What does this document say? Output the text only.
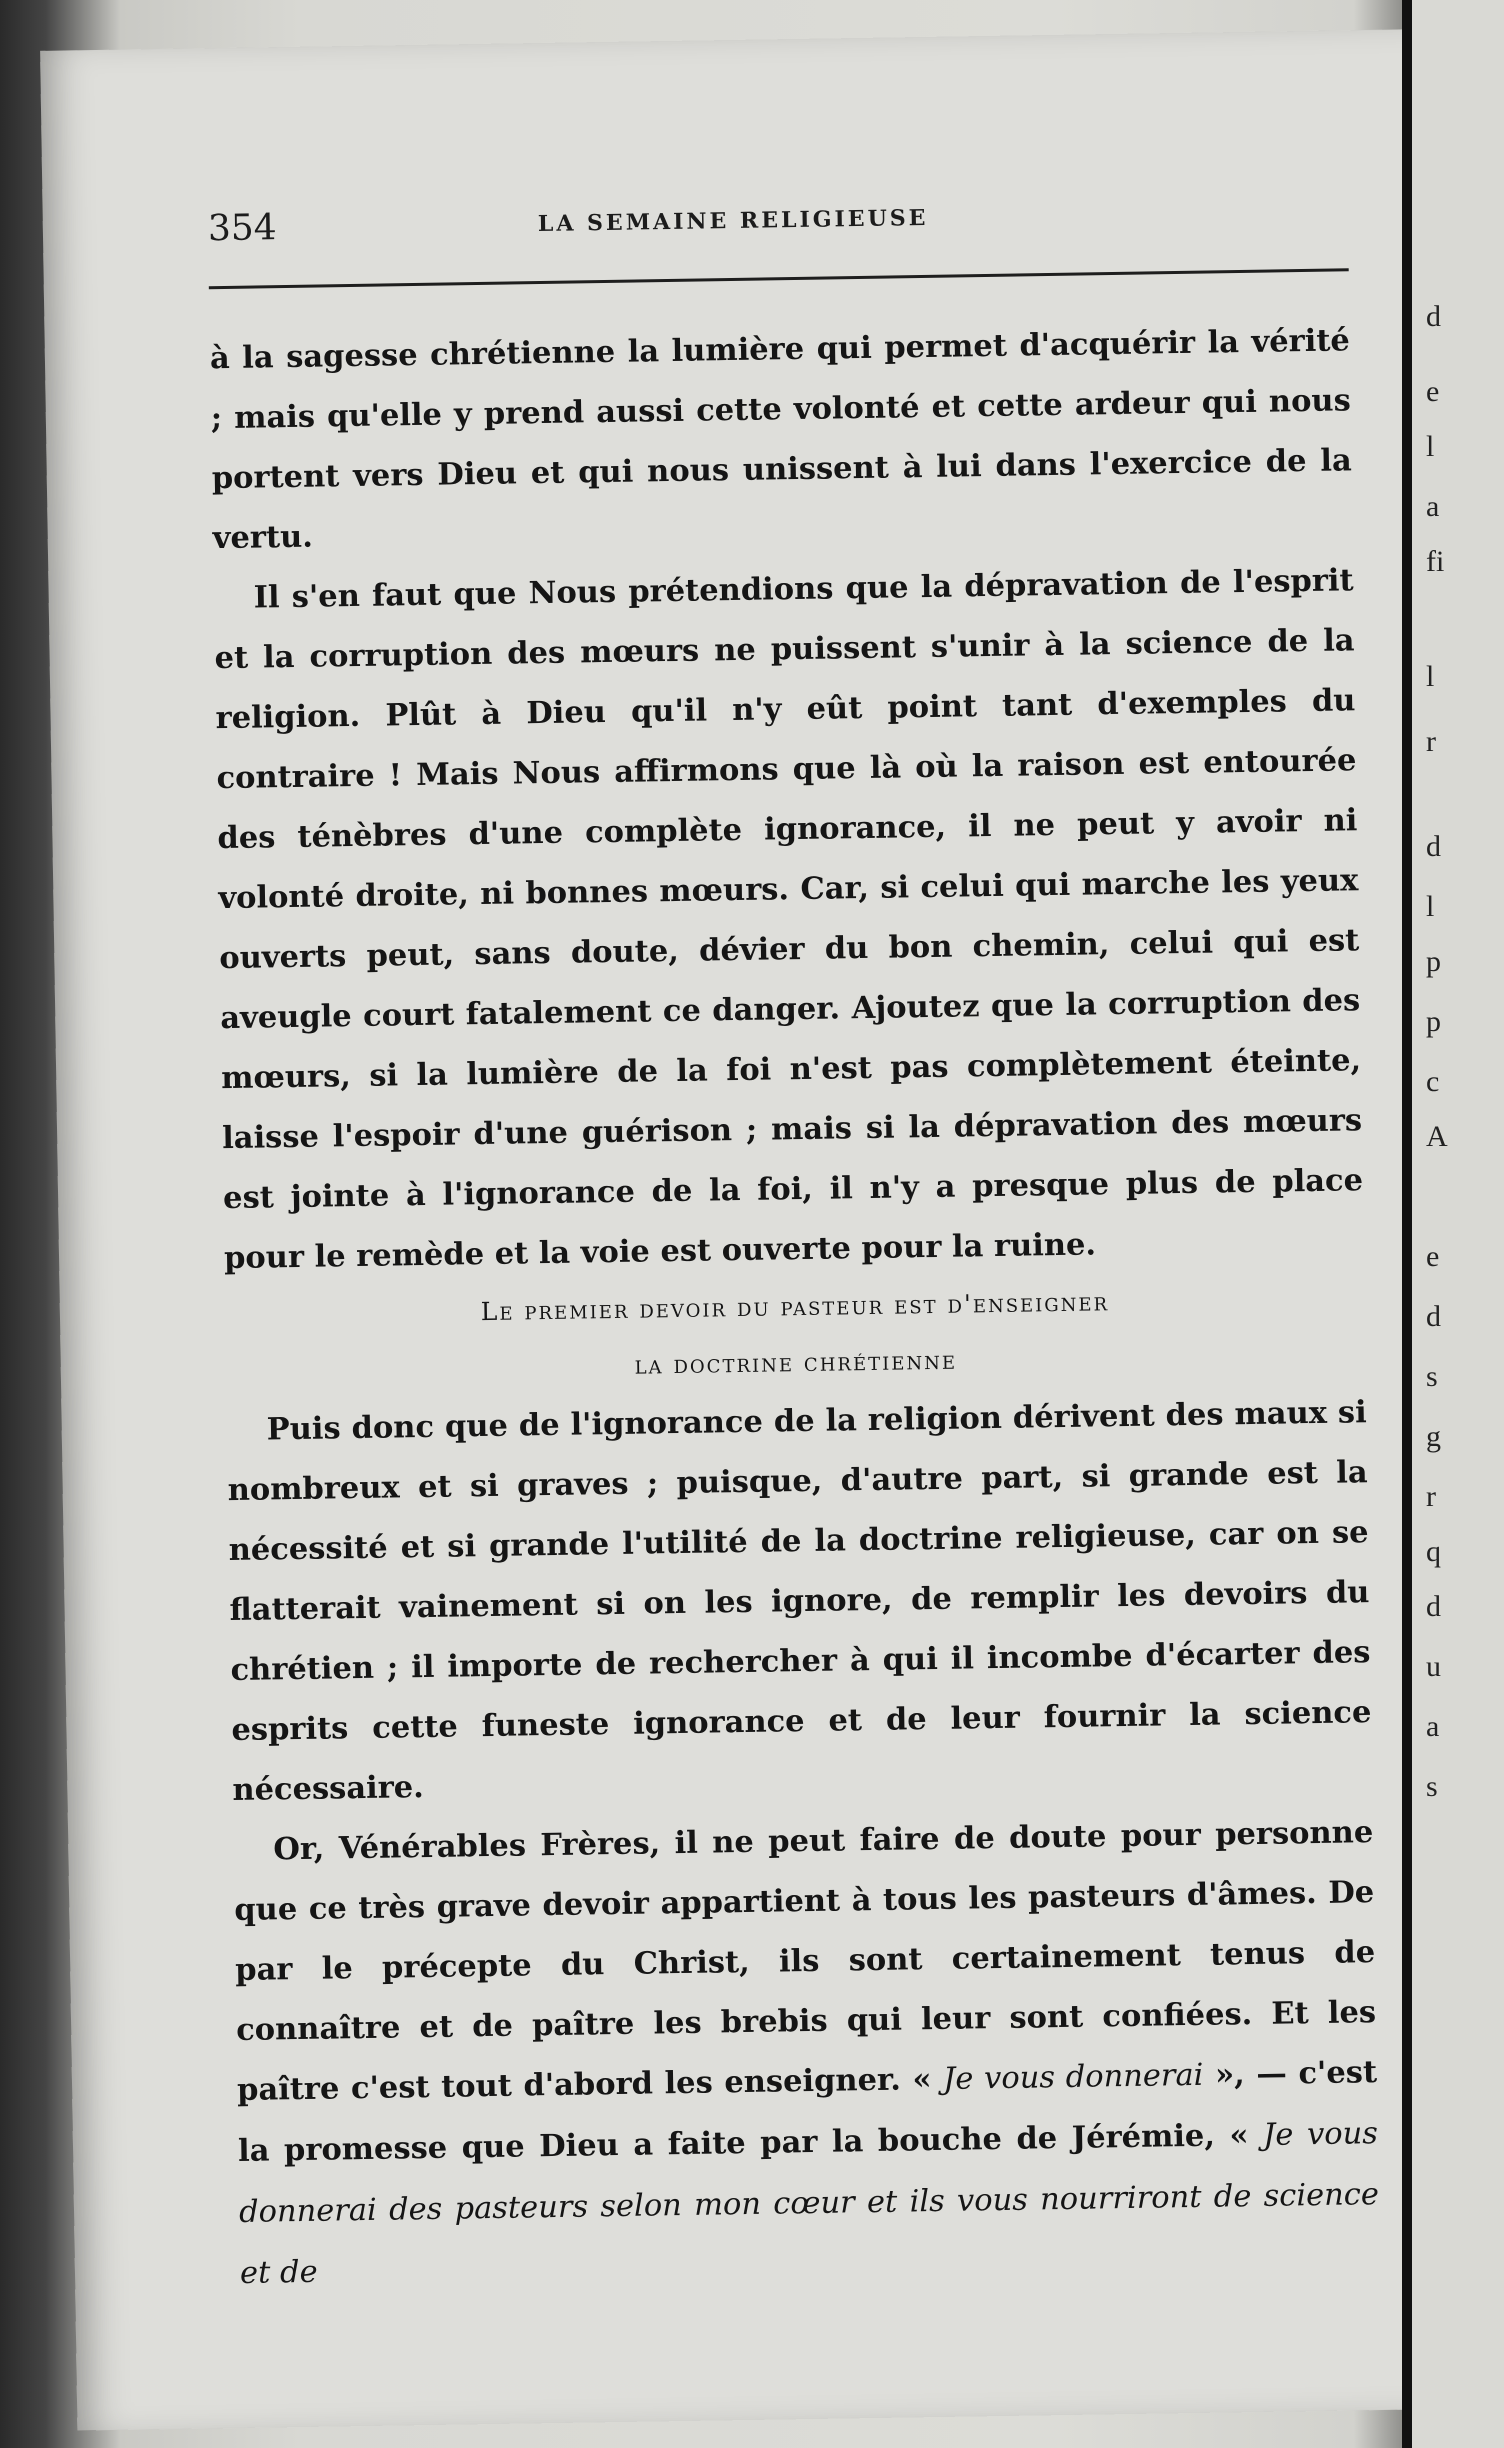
354	LA SEMAINE RELIGIEUSE

à la sagesse chrétienne la lumière qui permet d'acquérir la vérité ; mais qu'elle y prend aussi cette volonté et cette ardeur qui nous portent vers Dieu et qui nous unissent à lui dans l'exercice de la vertu.

Il s'en faut que Nous prétendions que la dépravation de l'esprit et la corruption des mœurs ne puissent s'unir à la science de la religion. Plût à Dieu qu'il n'y eût point tant d'exemples du contraire ! Mais Nous affirmons que là où la raison est entourée des ténèbres d'une complète ignorance, il ne peut y avoir ni volonté droite, ni bonnes mœurs. Car, si celui qui marche les yeux ouverts peut, sans doute, dévier du bon chemin, celui qui est aveugle court fatalement ce danger. Ajoutez que la corruption des mœurs, si la lumière de la foi n'est pas complètement éteinte, laisse l'espoir d'une guérison ; mais si la dépravation des mœurs est jointe à l'ignorance de la foi, il n'y a presque plus de place pour le remède et la voie est ouverte pour la ruine.

Le premier devoir du pasteur est d'enseigner

la doctrine chrétienne

Puis donc que de l'ignorance de la religion dérivent des maux si nombreux et si graves ; puisque, d'autre part, si grande est la nécessité et si grande l'utilité de la doctrine religieuse, car on se flatterait vainement si on les ignore, de remplir les devoirs du chrétien ; il importe de rechercher à qui il incombe d'écarter des esprits cette funeste ignorance et de leur fournir la science nécessaire.

Or, Vénérables Frères, il ne peut faire de doute pour personne que ce très grave devoir appartient à tous les pasteurs d'âmes. De par le précepte du Christ, ils sont certainement tenus de connaître et de paître les brebis qui leur sont confiées. Et les paître c'est tout d'abord les enseigner. « Je vous donnerai », — c'est la promesse que Dieu a faite par la bouche de Jérémie, « Je vous donnerai des pasteurs selon mon cœur et ils vous nourriront de science et de

d
e
l
a
fi
l
r
d
l
p
p
c
A
e
d
s
g
r
q
d
u
a
s
